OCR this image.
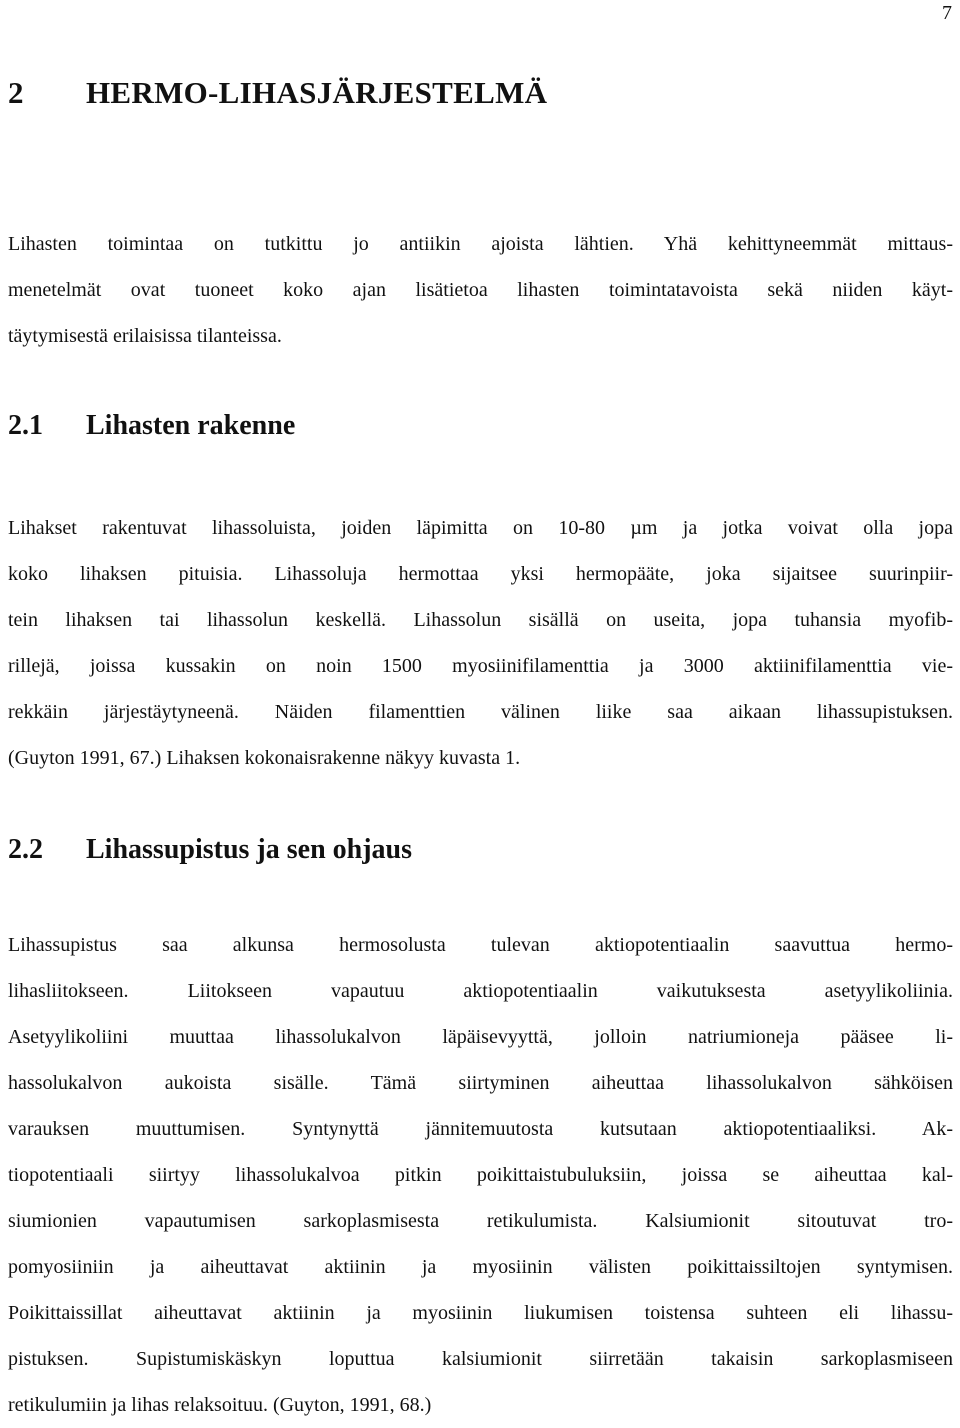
7
2 HERMO-LIHASJÄRJESTELMÄ
Lihasten toimintaa on tutkittu jo antiikin ajoista lähtien. Yhä kehittyneemmät mittaus-
menetelmät ovat tuoneet koko ajan lisätietoa lihasten toimintatavoista sekä niiden käyt-
täytymisestä erilaisissa tilanteissa.
2.1 Lihasten rakenne
Lihakset rakentuvat lihassoluista, joiden läpimitta on 10-80 µm ja jotka voivat olla jopa
koko lihaksen pituisia. Lihassoluja hermottaa yksi hermopääte, joka sijaitsee suurinpiir-
tein lihaksen tai lihassolun keskellä. Lihassolun sisällä on useita, jopa tuhansia myofib-
rillejä, joissa kussakin on noin 1500 myosiinifilamenttia ja 3000 aktiinifilamenttia vie-
rekkäin järjestäytyneenä. Näiden filamenttien välinen liike saa aikaan lihassupistuksen.
(Guyton 1991, 67.) Lihaksen kokonaisrakenne näkyy kuvasta 1.
2.2 Lihassupistus ja sen ohjaus
Lihassupistus saa alkunsa hermosolusta tulevan aktiopotentiaalin saavuttua hermo-
lihasliitokseen. Liitokseen vapautuu aktiopotentiaalin vaikutuksesta asetyylikoliinia.
Asetyylikoliini muuttaa lihassolukalvon läpäisevyyttä, jolloin natriumioneja pääsee li-
hassolukalvon aukoista sisälle. Tämä siirtyminen aiheuttaa lihassolukalvon sähköisen
varauksen muuttumisen. Syntynyttä jännitemuutosta kutsutaan aktiopotentiaaliksi. Ak-
tiopotentiaali siirtyy lihassolukalvoa pitkin poikittaistubuluksiin, joissa se aiheuttaa kal-
siumionien vapautumisen sarkoplasmisesta retikulumista. Kalsiumionit sitoutuvat tro-
pomyosiiniin ja aiheuttavat aktiinin ja myosiinin välisten poikittaissiltojen syntymisen.
Poikittaissillat aiheuttavat aktiinin ja myosiinin liukumisen toistensa suhteen eli lihassu-
pistuksen. Supistumiskäskyn loputtua kalsiumionit siirretään takaisin sarkoplasmiseen
retikulumiin ja lihas relaksoituu. (Guyton, 1991, 68.)
